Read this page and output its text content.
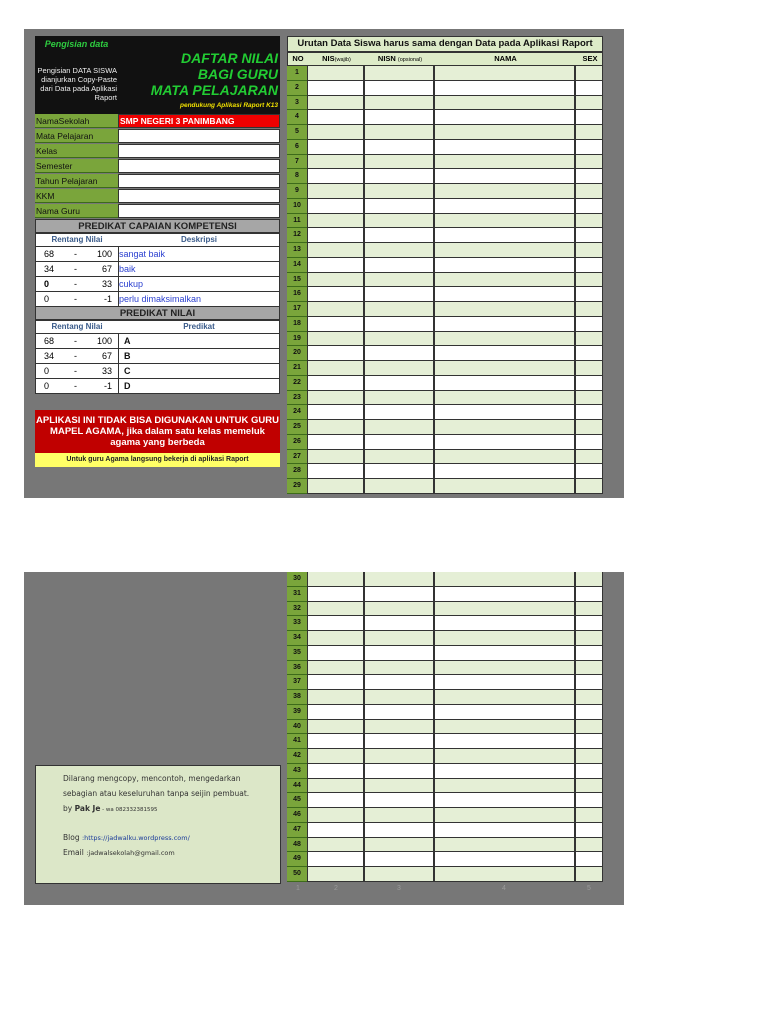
Pengisian data
Pengisian DATA SISWA dianjurkan Copy-Paste dari Data pada Aplikasi Raport
DAFTAR NILAI
BAGI GURU
MATA PELAJARAN
pendukung Aplikasi Raport K13
NamaSekolah	SMP NEGERI 3 PANIMBANG
Mata Pelajaran
Kelas
Semester
Tahun Pelajaran
KKM
Nama Guru
PREDIKAT CAPAIAN KOMPETENSI
Rentang Nilai	Deskripsi
68 -	100 sangat baik
34 -	67 baik
0	-	33 cukup
0	-	-1 perlu dimaksimalkan
PREDIKAT NILAI
Rentang Nilai	Predikat
68 -	100 A
34 -	67 B
0	-	33 C
0	-	-1 D
APLIKASI INI TIDAK BISA DIGUNAKAN UNTUK GURU MAPEL AGAMA, jika dalam satu kelas memeluk agama yang berbeda
Untuk guru Agama langsung bekerja di aplikasi Raport
Urutan Data Siswa harus sama dengan Data pada Aplikasi Raport
NO	NIS(wajib)	NISN (opsional)	NAMA	SEX
1
2
3
4
5
6
7
8
9
10
11
12
13
14
15
16
17
18
19
20
21
22
23
24
25
26
27
28
29
30
31
32
33
34
35
36
37
38
39
40
41
42
43
44
45
46
47
48
49
50

Dilarang mengcopy, mencontoh, mengedarkan

sebagian atau keseluruhan tanpa seijin pembuat.

by Pak Je - wa 082332381595

Blog :https://jadwalku.wordpress.com/

Email :jadwalsekolah@gmail.com

1	2	3	4	5
